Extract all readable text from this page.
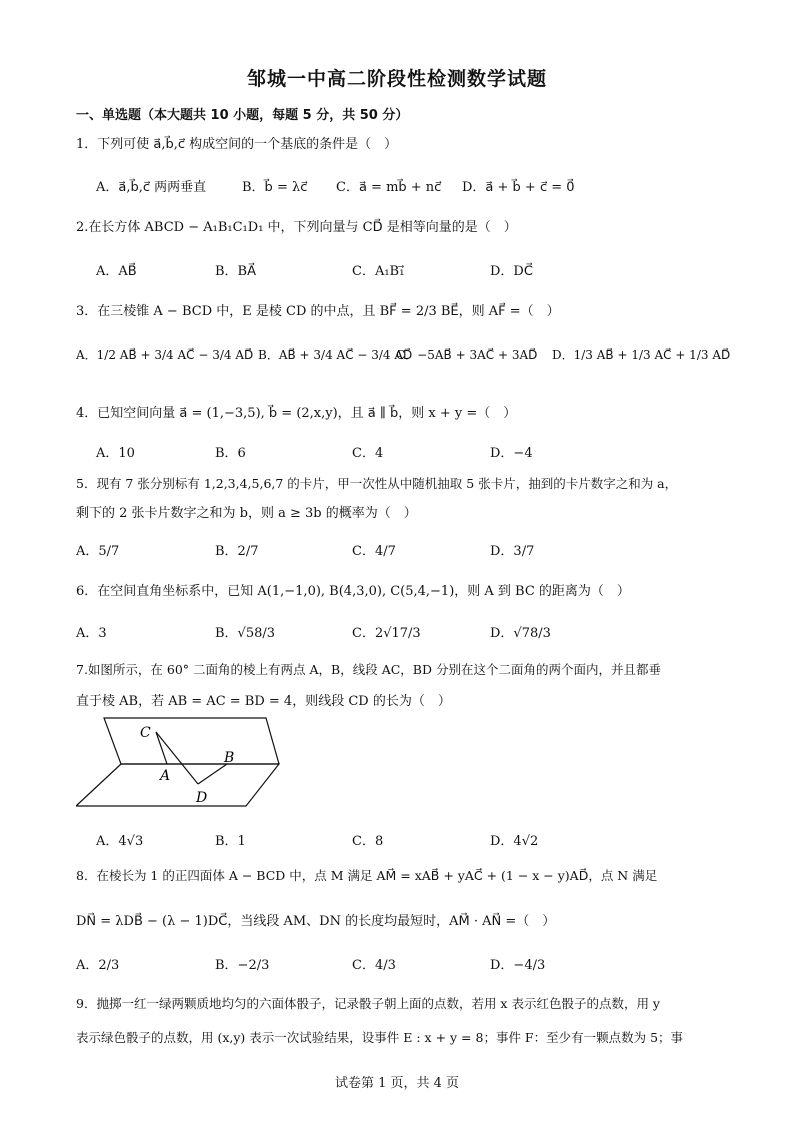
邹城一中高二阶段性检测数学试题
一、单选题（本大题共 10 小题，每题 5 分，共 50 分）
1．下列可使 a⃗,b⃗,c⃗ 构成空间的一个基底的条件是（　）
A．a⃗,b⃗,c⃗ 两两垂直	B．b⃗ = λc⃗ C．a⃗ = mb⃗ + nc⃗ D．a⃗ + b⃗ + c⃗ = 0⃗
2.在长方体 ABCD − A₁B₁C₁D₁ 中，下列向量与 CD⃗ 是相等向量的是（　）
A．AB⃗	B．BA⃗	C．A₁B₁⃗	D．DC⃗
3．在三棱锥 A − BCD 中，E 是棱 CD 的中点，且 BF⃗ = 2/3 BE⃗，则 AF⃗ =（　）
A．1/2 AB⃗ + 3/4 AC⃗ − 3/4 AD⃗ B．AB⃗ + 3/4 AC⃗ − 3/4 AD⃗
C．−5AB⃗ + 3AC⃗ + 3AD⃗ D．1/3 AB⃗ + 1/3 AC⃗ + 1/3 AD⃗
4．已知空间向量 a⃗ = (1,−3,5), b⃗ = (2,x,y)，且 a⃗ ∥ b⃗，则 x + y =（　）
A．10	B．6	C．4	D．−4
5．现有 7 张分别标有 1,2,3,4,5,6,7 的卡片，甲一次性从中随机抽取 5 张卡片，抽到的卡片数字之和为 a，
剩下的 2 张卡片数字之和为 b，则 a ≥ 3b 的概率为（　）
A．5/7	B．2/7	C．4/7	D．3/7
6．在空间直角坐标系中，已知 A(1,−1,0), B(4,3,0), C(5,4,−1)，则 A 到 BC 的距离为（　）
A．3	B．√58/3	C．2√17/3	D．√78/3
7.如图所示，在 60° 二面角的棱上有两点 A，B，线段 AC，BD 分别在这个二面角的两个面内，并且都垂
直于棱 AB，若 AB = AC = BD = 4，则线段 CD 的长为（　）
C
A
B
D
A．4√3	B．1	C．8	D．4√2
8．在棱长为 1 的正四面体 A − BCD 中，点 M 满足 AM⃗ = xAB⃗ + yAC⃗ + (1 − x − y)AD⃗，点 N 满足
DN⃗ = λDB⃗ − (λ − 1)DC⃗，当线段 AM、DN 的长度均最短时，AM⃗ · AN⃗ =（　）
A．2/3	B．−2/3	C．4/3	D．−4/3
9．抛掷一红一绿两颗质地均匀的六面体骰子，记录骰子朝上面的点数，若用 x 表示红色骰子的点数，用 y
表示绿色骰子的点数，用 (x,y) 表示一次试验结果，设事件 E : x + y = 8；事件 F：至少有一颗点数为 5；事
试卷第 1 页，共 4 页
